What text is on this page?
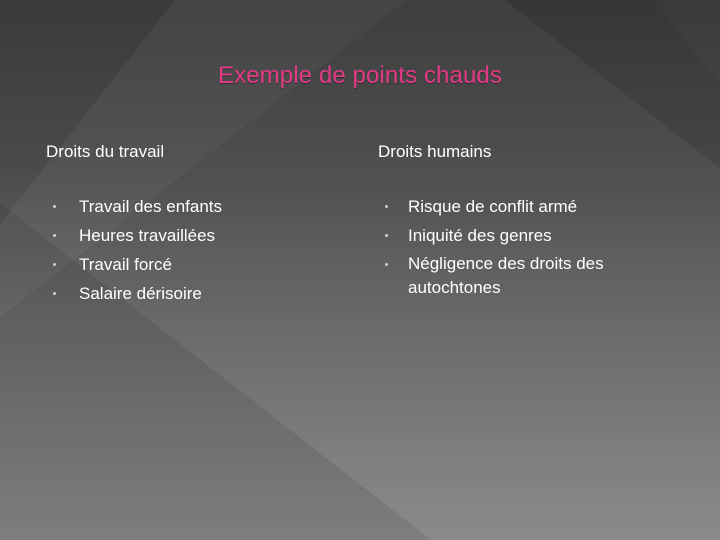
Exemple de points chauds
Droits du travail
Travail des enfants
Heures travaillées
Travail forcé
Salaire dérisoire
Droits humains
Risque de conflit armé
Iniquité des genres
Négligence des droits des autochtones
